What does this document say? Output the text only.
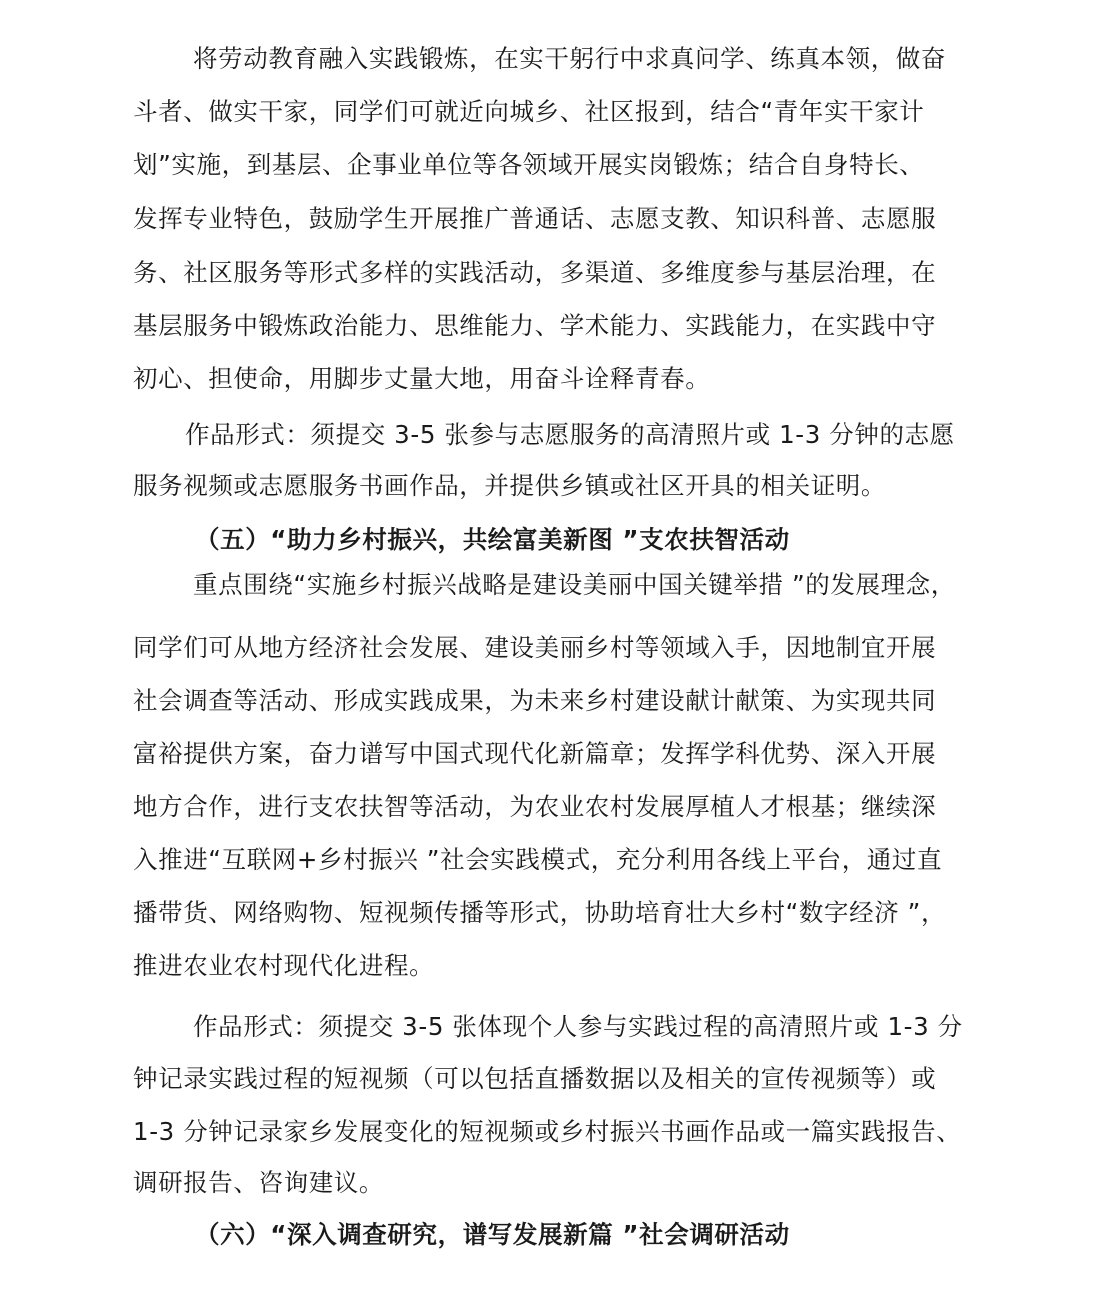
将劳动教育融入实践锻炼，在实干躬行中求真问学、练真本领，做奋
斗者、做实干家，同学们可就近向城乡、社区报到，结合“青年实干家计
划”实施，到基层、企事业单位等各领域开展实岗锻炼；结合自身特长、
发挥专业特色，鼓励学生开展推广普通话、志愿支教、知识科普、志愿服
务、社区服务等形式多样的实践活动，多渠道、多维度参与基层治理，在
基层服务中锻炼政治能力、思维能力、学术能力、实践能力，在实践中守
初心、担使命，用脚步丈量大地，用奋斗诠释青春。
作品形式：须提交 3-5 张参与志愿服务的高清照片或 1-3 分钟的志愿
服务视频或志愿服务书画作品，并提供乡镇或社区开具的相关证明。
（五）“助力乡村振兴，共绘富美新图 ”支农扶智活动
重点围绕“实施乡村振兴战略是建设美丽中国关键举措 ”的发展理念，
同学们可从地方经济社会发展、建设美丽乡村等领域入手，因地制宜开展
社会调查等活动、形成实践成果，为未来乡村建设献计献策、为实现共同
富裕提供方案，奋力谱写中国式现代化新篇章；发挥学科优势、深入开展
地方合作，进行支农扶智等活动，为农业农村发展厚植人才根基；继续深
入推进“互联网+乡村振兴 ”社会实践模式，充分利用各线上平台，通过直
播带货、网络购物、短视频传播等形式，协助培育壮大乡村“数字经济 ”，
推进农业农村现代化进程。
作品形式：须提交 3-5 张体现个人参与实践过程的高清照片或 1-3 分
钟记录实践过程的短视频（可以包括直播数据以及相关的宣传视频等）或
1-3 分钟记录家乡发展变化的短视频或乡村振兴书画作品或一篇实践报告、
调研报告、咨询建议。
（六）“深入调查研究，谱写发展新篇 ”社会调研活动
